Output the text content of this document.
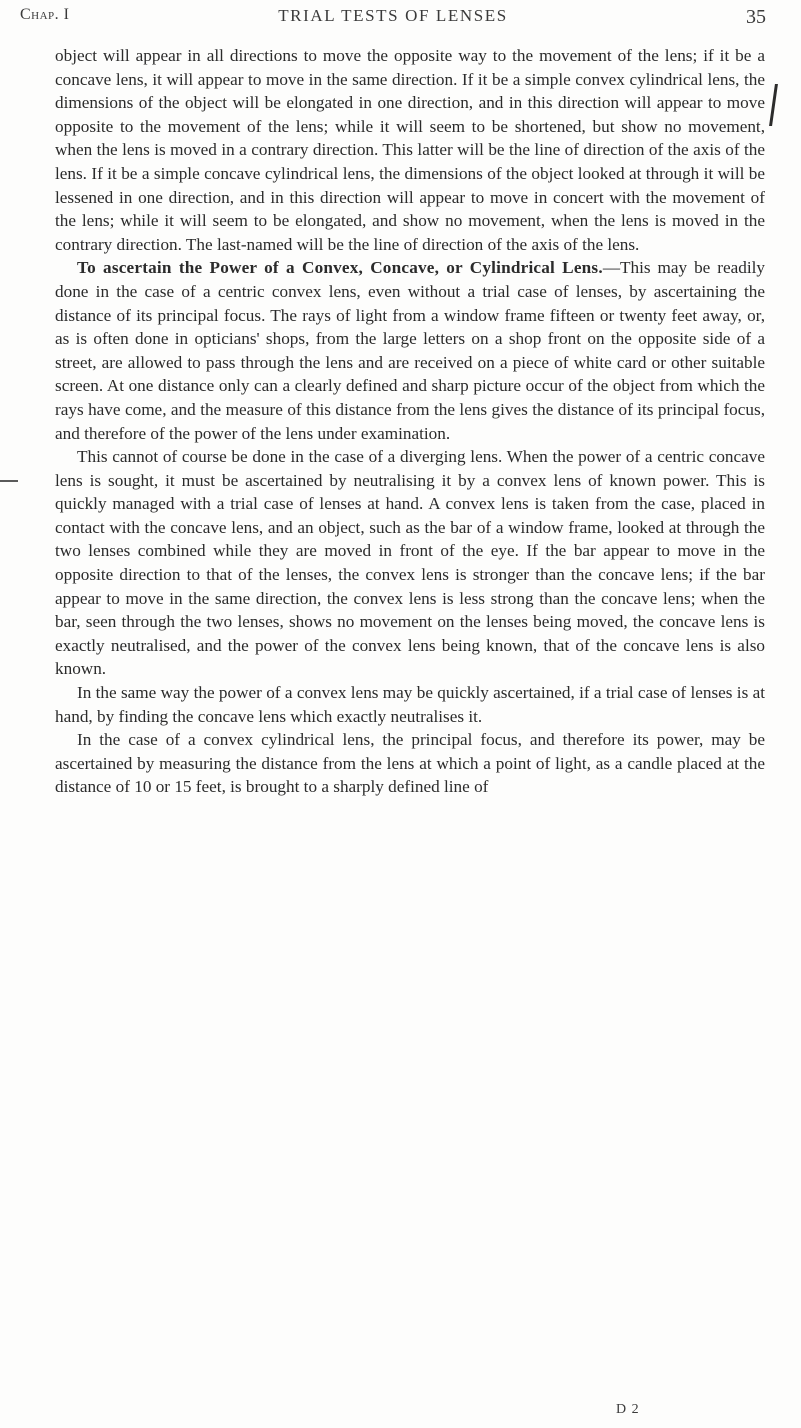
Chap. I	TRIAL TESTS OF LENSES	35

object will appear in all directions to move the opposite way to the movement of the lens; if it be a concave lens, it will appear to move in the same direction. If it be a simple convex cylindrical lens, the dimensions of the object will be elongated in one direction, and in this direction will appear to move opposite to the movement of the lens; while it will seem to be shortened, but show no movement, when the lens is moved in a contrary direction. This latter will be the line of direction of the axis of the lens. If it be a simple concave cylindrical lens, the dimensions of the object looked at through it will be lessened in one direction, and in this direction will appear to move in concert with the movement of the lens; while it will seem to be elongated, and show no movement, when the lens is moved in the contrary direction. The last-named will be the line of direction of the axis of the lens.

To ascertain the Power of a Convex, Concave, or Cylindrical Lens.—This may be readily done in the case of a centric convex lens, even without a trial case of lenses, by ascertaining the distance of its principal focus. The rays of light from a window frame fifteen or twenty feet away, or, as is often done in opticians' shops, from the large letters on a shop front on the opposite side of a street, are allowed to pass through the lens and are received on a piece of white card or other suitable screen. At one distance only can a clearly defined and sharp picture occur of the object from which the rays have come, and the measure of this distance from the lens gives the distance of its principal focus, and therefore of the power of the lens under examination.

This cannot of course be done in the case of a diverging lens. When the power of a centric concave lens is sought, it must be ascertained by neutralising it by a convex lens of known power. This is quickly managed with a trial case of lenses at hand. A convex lens is taken from the case, placed in contact with the concave lens, and an object, such as the bar of a window frame, looked at through the two lenses combined while they are moved in front of the eye. If the bar appear to move in the opposite direction to that of the lenses, the convex lens is stronger than the concave lens; if the bar appear to move in the same direction, the convex lens is less strong than the concave lens; when the bar, seen through the two lenses, shows no movement on the lenses being moved, the concave lens is exactly neutralised, and the power of the convex lens being known, that of the concave lens is also known.

In the same way the power of a convex lens may be quickly ascertained, if a trial case of lenses is at hand, by finding the concave lens which exactly neutralises it.

In the case of a convex cylindrical lens, the principal focus, and therefore its power, may be ascertained by measuring the distance from the lens at which a point of light, as a candle placed at the distance of 10 or 15 feet, is brought to a sharply defined line of

D 2
